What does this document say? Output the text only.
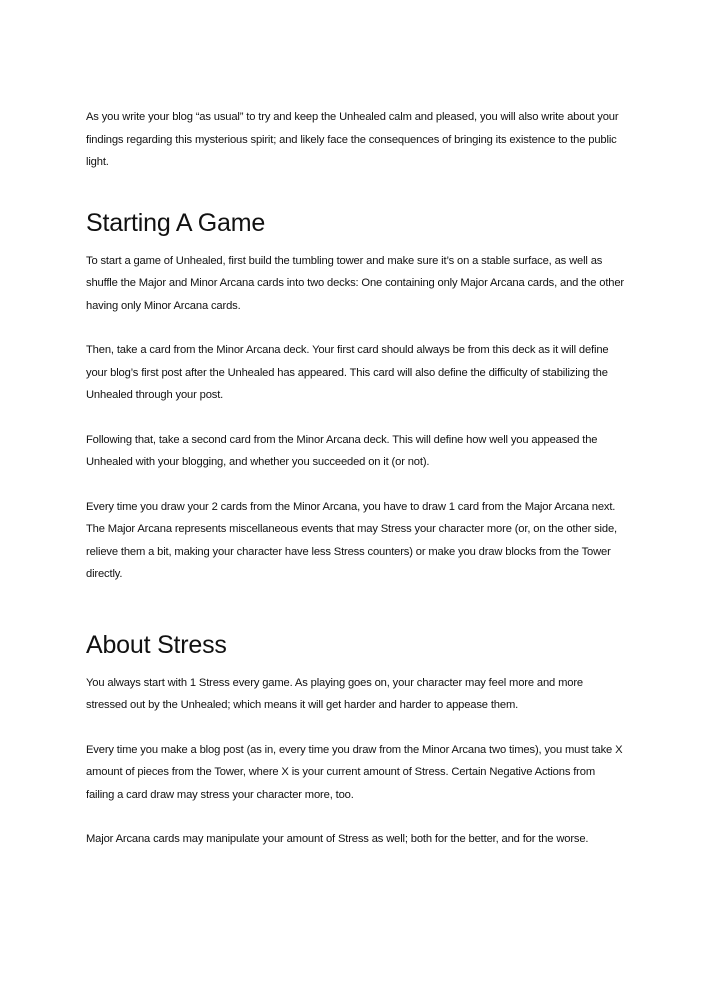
As you write your blog “as usual” to try and keep the Unhealed calm and pleased, you will also write about your findings regarding this mysterious spirit; and likely face the consequences of bringing its existence to the public light.

Starting A Game

To start a game of Unhealed, first build the tumbling tower and make sure it’s on a stable surface, as well as shuffle the Major and Minor Arcana cards into two decks: One containing only Major Arcana cards, and the other having only Minor Arcana cards.

Then, take a card from the Minor Arcana deck. Your first card should always be from this deck as it will define your blog’s first post after the Unhealed has appeared. This card will also define the difficulty of stabilizing the Unhealed through your post.

Following that, take a second card from the Minor Arcana deck. This will define how well you appeased the Unhealed with your blogging, and whether you succeeded on it (or not).

Every time you draw your 2 cards from the Minor Arcana, you have to draw 1 card from the Major Arcana next. The Major Arcana represents miscellaneous events that may Stress your character more (or, on the other side, relieve them a bit, making your character have less Stress counters) or make you draw blocks from the Tower directly.

About Stress

You always start with 1 Stress every game. As playing goes on, your character may feel more and more stressed out by the Unhealed; which means it will get harder and harder to appease them.

Every time you make a blog post (as in, every time you draw from the Minor Arcana two times), you must take X amount of pieces from the Tower, where X is your current amount of Stress. Certain Negative Actions from failing a card draw may stress your character more, too.

Major Arcana cards may manipulate your amount of Stress as well; both for the better, and for the worse.
